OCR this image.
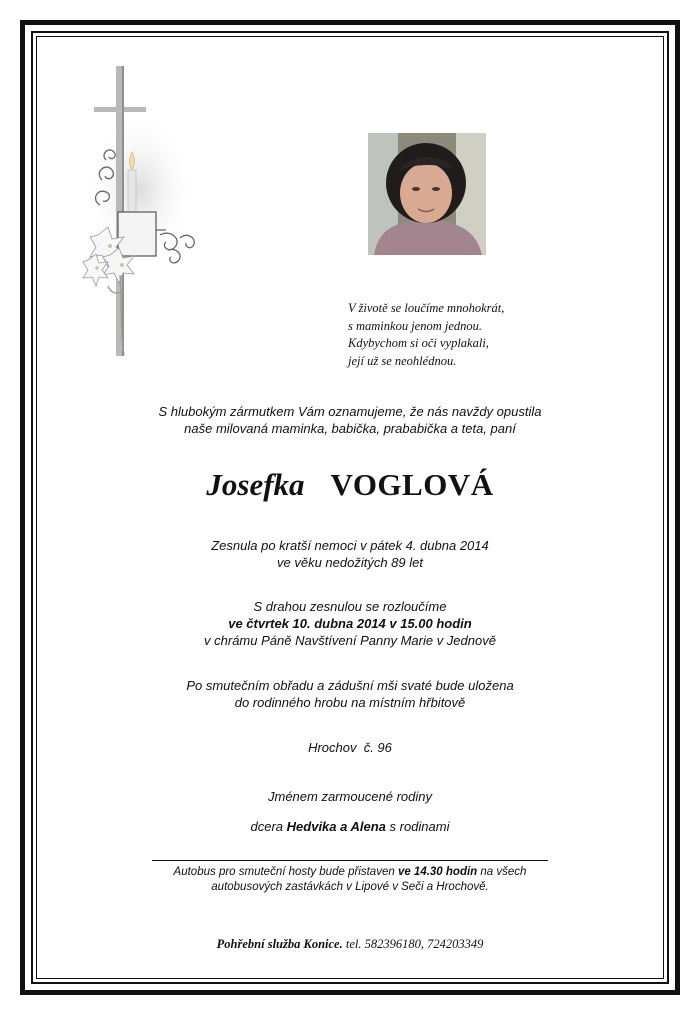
V životě se loučíme mnohokrát,
s maminkou jenom jednou.
Kdybychom si oči vyplakali,
její už se neohlédnou.
S hlubokým zármutkem Vám oznamujeme, že nás navždy opustila
naše milovaná maminka, babička, prababička a teta, paní
Josefka VOGLOVÁ
Zesnula po kratší nemoci v pátek 4. dubna 2014
ve věku nedožitých 89 let
S drahou zesnulou se rozloučíme
ve čtvrtek 10. dubna 2014 v 15.00 hodin
v chrámu Páně Navštívení Panny Marie v Jednově
Po smutečním obřadu a zádušní mši svaté bude uložena
do rodinného hrobu na místním hřbitově
Hrochov  č. 96
Jménem zarmoucené rodiny
dcera Hedvika a Alena s rodinami
Autobus pro smuteční hosty bude přistaven ve 14.30 hodin na všech
autobusových zastávkách v Lipové v Seči a Hrochově.
Pohřební služba Konice. tel. 582396180, 724203349
